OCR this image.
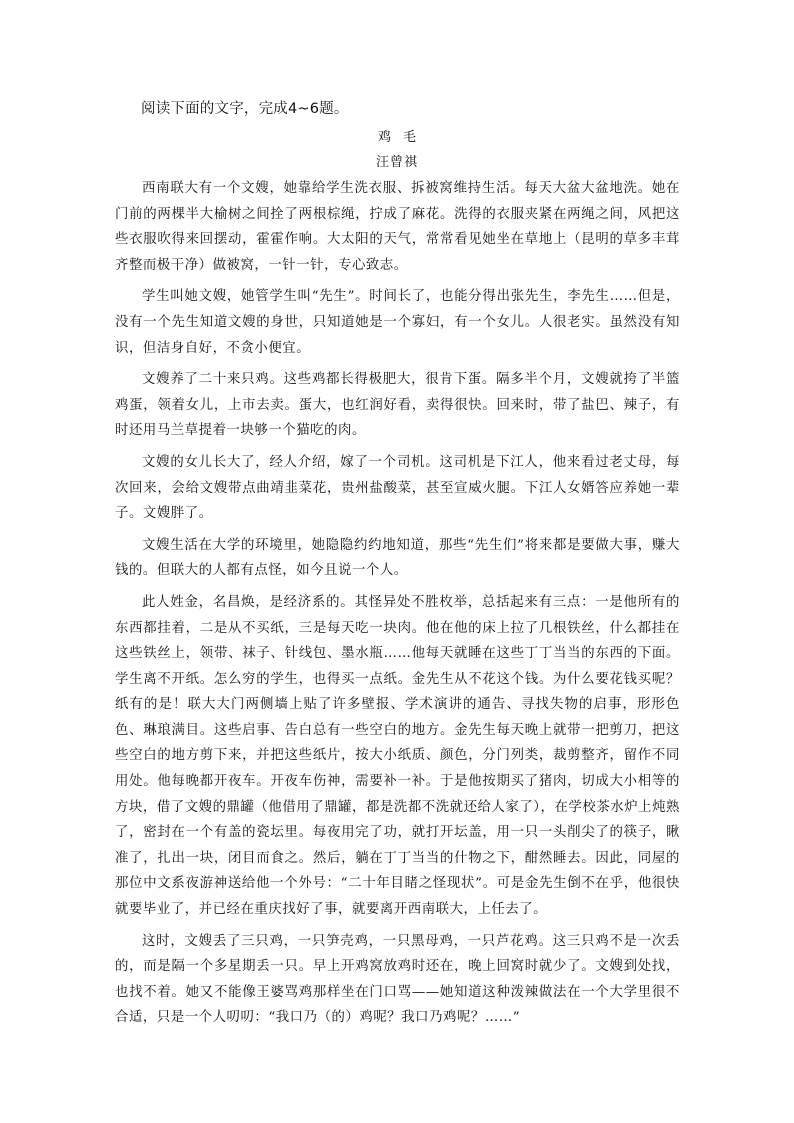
阅读下面的文字，完成4~6题。

鸡毛

汪曾祺

西南联大有一个文嫂，她靠给学生洗衣服、拆被窝维持生活。每天大盆大盆地洗。她在门前的两棵半大榆树之间拴了两根棕绳，拧成了麻花。洗得的衣服夹紧在两绳之间，风把这些衣服吹得来回摆动，霍霍作响。大太阳的天气，常常看见她坐在草地上（昆明的草多丰茸齐整而极干净）做被窝，一针一针，专心致志。

学生叫她文嫂，她管学生叫“先生”。时间长了，也能分得出张先生，李先生……但是，没有一个先生知道文嫂的身世，只知道她是一个寡妇，有一个女儿。人很老实。虽然没有知识，但洁身自好，不贪小便宜。

文嫂养了二十来只鸡。这些鸡都长得极肥大，很肯下蛋。隔多半个月，文嫂就挎了半篮鸡蛋，领着女儿，上市去卖。蛋大，也红润好看，卖得很快。回来时，带了盐巴、辣子，有时还用马兰草提着一块够一个猫吃的肉。

文嫂的女儿长大了，经人介绍，嫁了一个司机。这司机是下江人，他来看过老丈母，每次回来，会给文嫂带点曲靖韭菜花，贵州盐酸菜，甚至宣威火腿。下江人女婿答应养她一辈子。文嫂胖了。

文嫂生活在大学的环境里，她隐隐约约地知道，那些“先生们”将来都是要做大事，赚大钱的。但联大的人都有点怪，如今且说一个人。

此人姓金，名昌焕，是经济系的。其怪异处不胜枚举，总括起来有三点：一是他所有的东西都挂着，二是从不买纸，三是每天吃一块肉。他在他的床上拉了几根铁丝，什么都挂在这些铁丝上，领带、袜子、针线包、墨水瓶……他每天就睡在这些丁丁当当的东西的下面。学生离不开纸。怎么穷的学生，也得买一点纸。金先生从不花这个钱。为什么要花钱买呢？纸有的是！联大大门两侧墙上贴了许多壁报、学术演讲的通告、寻找失物的启事，形形色色、琳琅满目。这些启事、告白总有一些空白的地方。金先生每天晚上就带一把剪刀，把这些空白的地方剪下来，并把这些纸片，按大小纸质、颜色，分门列类，裁剪整齐，留作不同用处。他每晚都开夜车。开夜车伤神，需要补一补。于是他按期买了猪肉，切成大小相等的方块，借了文嫂的鼎罐（他借用了鼎罐，都是洗都不洗就还给人家了），在学校茶水炉上炖熟了，密封在一个有盖的瓷坛里。每夜用完了功，就打开坛盖，用一只一头削尖了的筷子，瞅准了，扎出一块，闭目而食之。然后，躺在丁丁当当的什物之下，酣然睡去。因此，同屋的那位中文系夜游神送给他一个外号：“二十年目睹之怪现状”。可是金先生倒不在乎，他很快就要毕业了，并已经在重庆找好了事，就要离开西南联大，上任去了。

这时，文嫂丢了三只鸡，一只笋壳鸡，一只黑母鸡，一只芦花鸡。这三只鸡不是一次丢的，而是隔一个多星期丢一只。早上开鸡窝放鸡时还在，晚上回窝时就少了。文嫂到处找，也找不着。她又不能像王婆骂鸡那样坐在门口骂——她知道这种泼辣做法在一个大学里很不合适，只是一个人叨叨：“我口乃（的）鸡呢？我口乃鸡呢？……”
